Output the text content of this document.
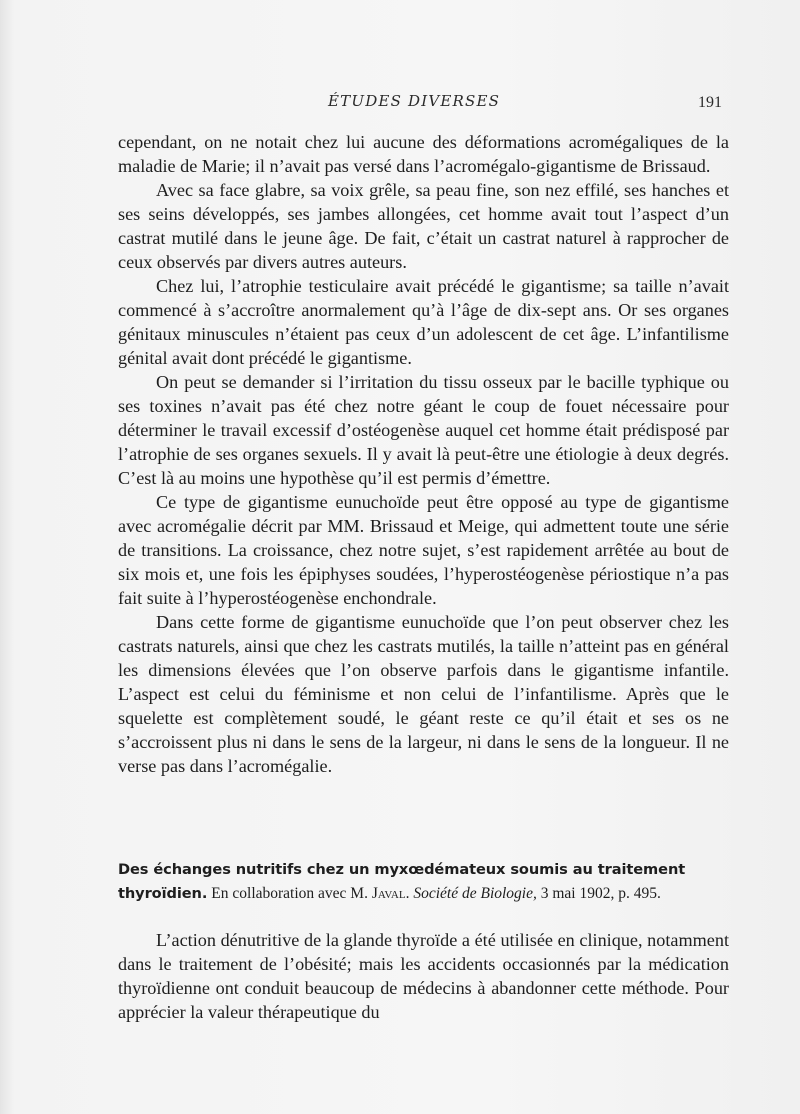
ÉTUDES DIVERSES	191

cependant, on ne notait chez lui aucune des déformations acromégaliques de la maladie de Marie; il n’avait pas versé dans l’acromégalo-gigantisme de Brissaud.

Avec sa face glabre, sa voix grêle, sa peau fine, son nez effilé, ses hanches et ses seins développés, ses jambes allongées, cet homme avait tout l’aspect d’un castrat mutilé dans le jeune âge. De fait, c’était un castrat naturel à rapprocher de ceux observés par divers autres auteurs.

Chez lui, l’atrophie testiculaire avait précédé le gigantisme; sa taille n’avait commencé à s’accroître anormalement qu’à l’âge de dix-sept ans. Or ses organes génitaux minuscules n’étaient pas ceux d’un adolescent de cet âge. L’infantilisme génital avait dont précédé le gigantisme.

On peut se demander si l’irritation du tissu osseux par le bacille typhique ou ses toxines n’avait pas été chez notre géant le coup de fouet nécessaire pour déterminer le travail excessif d’ostéogenèse auquel cet homme était prédisposé par l’atrophie de ses organes sexuels. Il y avait là peut-être une étiologie à deux degrés. C’est là au moins une hypothèse qu’il est permis d’émettre.

Ce type de gigantisme eunuchoïde peut être opposé au type de gigantisme avec acromégalie décrit par MM. Brissaud et Meige, qui admettent toute une série de transitions. La croissance, chez notre sujet, s’est rapidement arrêtée au bout de six mois et, une fois les épiphyses soudées, l’hyperostéogenèse périostique n’a pas fait suite à l’hyperostéogenèse enchondrale.

Dans cette forme de gigantisme eunuchoïde que l’on peut observer chez les castrats naturels, ainsi que chez les castrats mutilés, la taille n’atteint pas en général les dimensions élevées que l’on observe parfois dans le gigantisme infantile. L’aspect est celui du féminisme et non celui de l’infantilisme. Après que le squelette est complètement soudé, le géant reste ce qu’il était et ses os ne s’accroissent plus ni dans le sens de la largeur, ni dans le sens de la longueur. Il ne verse pas dans l’acromégalie.

Des échanges nutritifs chez un myxœdémateux soumis au traitement thyroïdien. En collaboration avec M. Javal. Société de Biologie, 3 mai 1902, p. 495.

L’action dénutritive de la glande thyroïde a été utilisée en clinique, notamment dans le traitement de l’obésité; mais les accidents occasionnés par la médication thyroïdienne ont conduit beaucoup de médecins à abandonner cette méthode. Pour apprécier la valeur thérapeutique du
